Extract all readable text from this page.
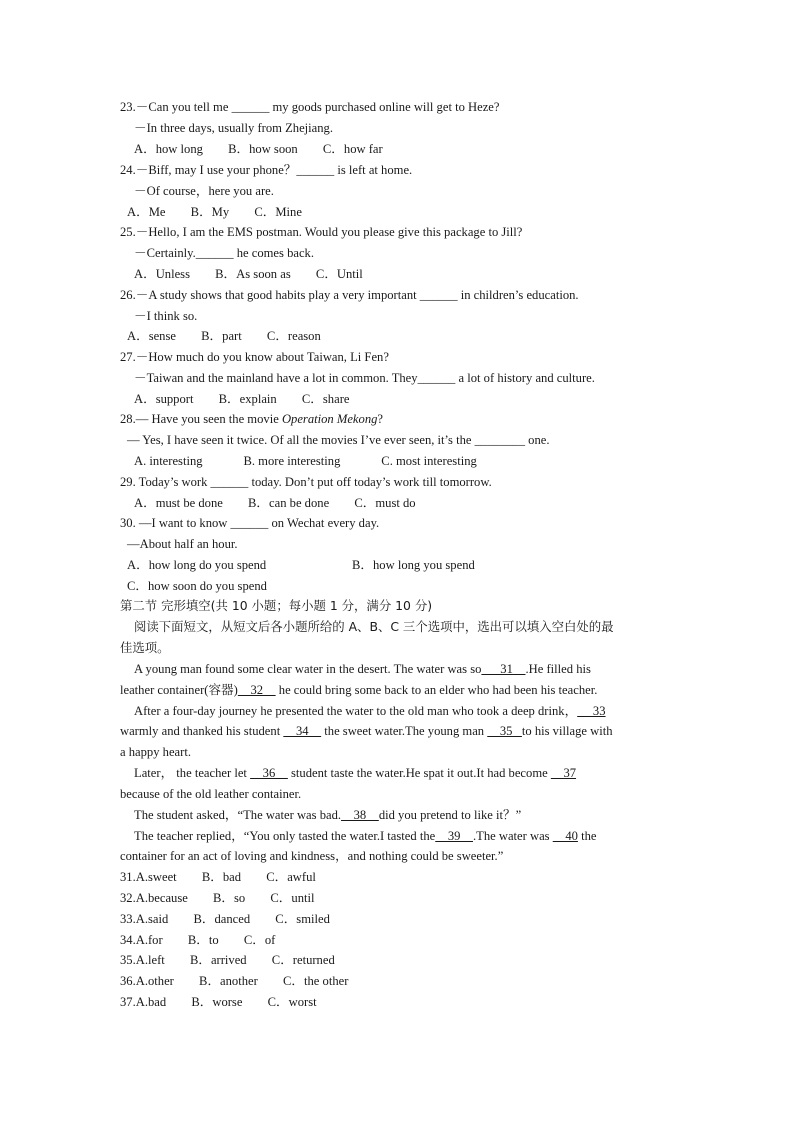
23.－Can you tell me ______ my goods purchased online will get to Heze?
－In three days, usually from Zhejiang.
A．how long        B．how soon        C．how far
24.－Biff, may I use your phone？______ is left at home.
－Of course，here you are.
A．Me        B．My        C．Mine
25.－Hello, I am the EMS postman. Would you please give this package to Jill?
－Certainly.______ he comes back.
A．Unless        B．As soon as        C．Until
26.－A study shows that good habits play a very important ______ in children’s education.
－I think so.
A．sense        B．part        C．reason
27.－How much do you know about Taiwan, Li Fen?
－Taiwan and the mainland have a lot in common. They______ a lot of history and culture.
A．support        B．explain        C．share
28.— Have you seen the movie Operation Mekong?
— Yes, I have seen it twice. Of all the movies I’ve ever seen, it’s the ________ one.
A. interesting             B. more interesting             C. most interesting
29. Today’s work ______ today. Don’t put off today’s work till tomorrow.
A．must be done        B．can be done        C．must do
30. —I want to know ______ on Wechat every day.
—About half an hour.
A．how long do you spend	B．how long you spend
C．how soon do you spend
第二节 完形填空(共 10 小题；每小题 1 分，满分 10 分)
阅读下面短文，从短文后各小题所给的 A、B、C 三个选项中，选出可以填入空白处的最
佳选项。
A young man found some clear water in the desert. The water was so      31    .He filled his
leather container(容器)    32     he could bring some back to an elder who had been his teacher.
After a four-day journey he presented the water to the old man who took a deep drink，     33
warmly and thanked his student     34     the sweet water.The young man     35   to his village with
a happy heart.
Later， the teacher let     36     student taste the water.He spat it out.It had become     37
because of the old leather container.
The student asked，“The water was bad.    38    did you pretend to like it？”
The teacher replied，“You only tasted the water.I tasted the    39    .The water was     40 the
container for an act of loving and kindness，and nothing could be sweeter.”
31.A.sweet        B．bad        C．awful
32.A.because        B．so        C．until
33.A.said        B．danced        C．smiled
34.A.for        B．to        C．of
35.A.left        B．arrived        C．returned
36.A.other        B．another        C．the other
37.A.bad        B．worse        C．worst
